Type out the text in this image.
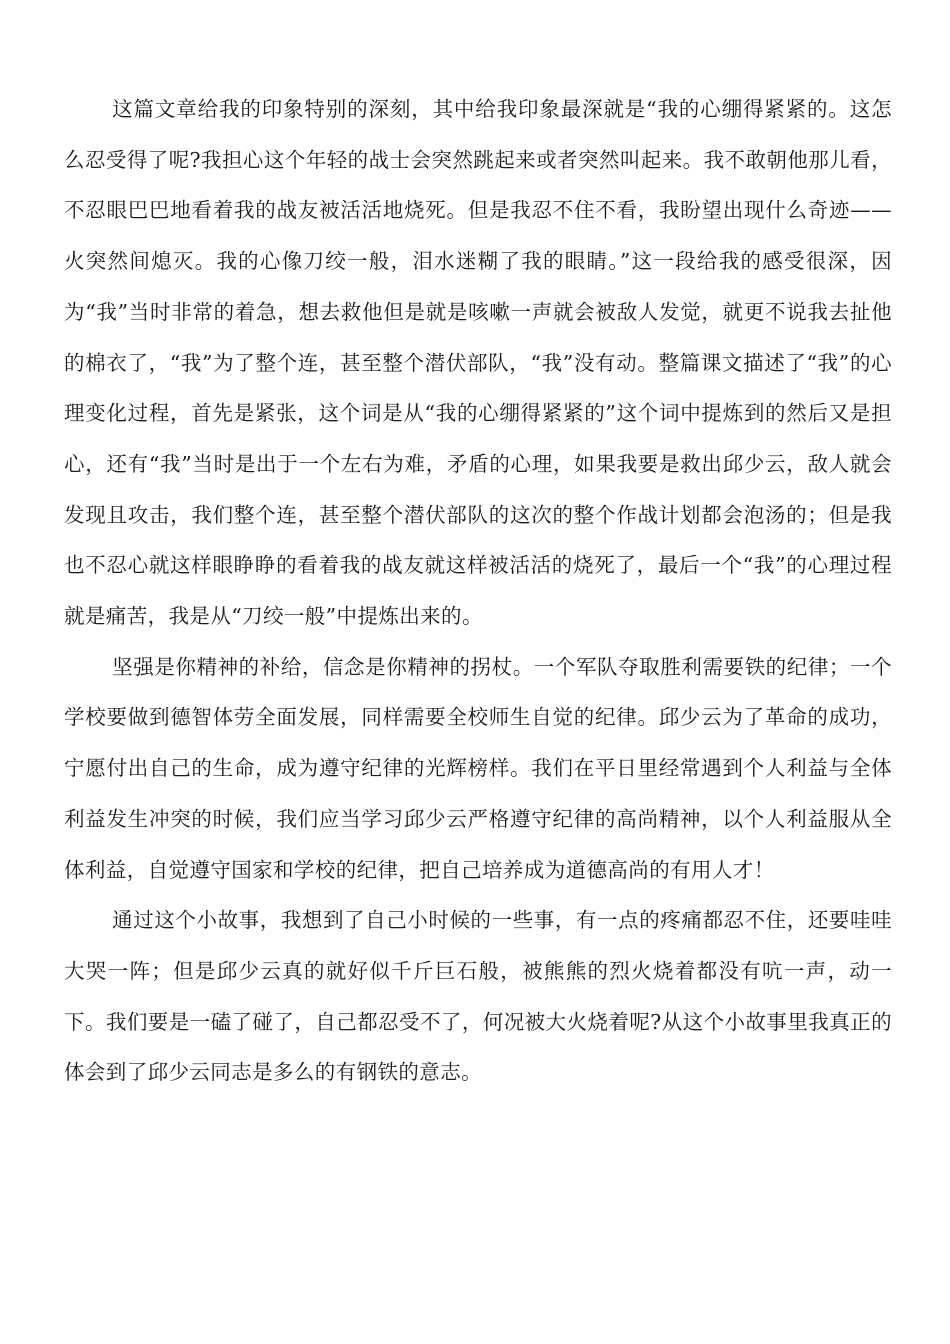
这篇文章给我的印象特别的深刻，其中给我印象最深就是“我的心绷得紧紧的。这怎么忍受得了呢?我担心这个年轻的战士会突然跳起来或者突然叫起来。我不敢朝他那儿看，不忍眼巴巴地看着我的战友被活活地烧死。但是我忍不住不看，我盼望出现什么奇迹——火突然间熄灭。我的心像刀绞一般，泪水迷糊了我的眼睛。”这一段给我的感受很深，因为“我”当时非常的着急，想去救他但是就是咳嗽一声就会被敌人发觉，就更不说我去扯他的棉衣了，“我”为了整个连，甚至整个潜伏部队，“我”没有动。整篇课文描述了“我”的心理变化过程，首先是紧张，这个词是从“我的心绷得紧紧的”这个词中提炼到的然后又是担心，还有“我”当时是出于一个左右为难，矛盾的心理，如果我要是救出邱少云，敌人就会发现且攻击，我们整个连，甚至整个潜伏部队的这次的整个作战计划都会泡汤的；但是我也不忍心就这样眼睁睁的看着我的战友就这样被活活的烧死了，最后一个“我”的心理过程就是痛苦，我是从“刀绞一般”中提炼出来的。

坚强是你精神的补给，信念是你精神的拐杖。一个军队夺取胜利需要铁的纪律；一个学校要做到德智体劳全面发展，同样需要全校师生自觉的纪律。邱少云为了革命的成功，宁愿付出自己的生命，成为遵守纪律的光辉榜样。我们在平日里经常遇到个人利益与全体利益发生冲突的时候，我们应当学习邱少云严格遵守纪律的高尚精神，以个人利益服从全体利益，自觉遵守国家和学校的纪律，把自己培养成为道德高尚的有用人才！

通过这个小故事，我想到了自己小时候的一些事，有一点的疼痛都忍不住，还要哇哇大哭一阵；但是邱少云真的就好似千斤巨石般，被熊熊的烈火烧着都没有吭一声，动一下。我们要是一磕了碰了，自己都忍受不了，何况被大火烧着呢?从这个小故事里我真正的体会到了邱少云同志是多么的有钢铁的意志。
